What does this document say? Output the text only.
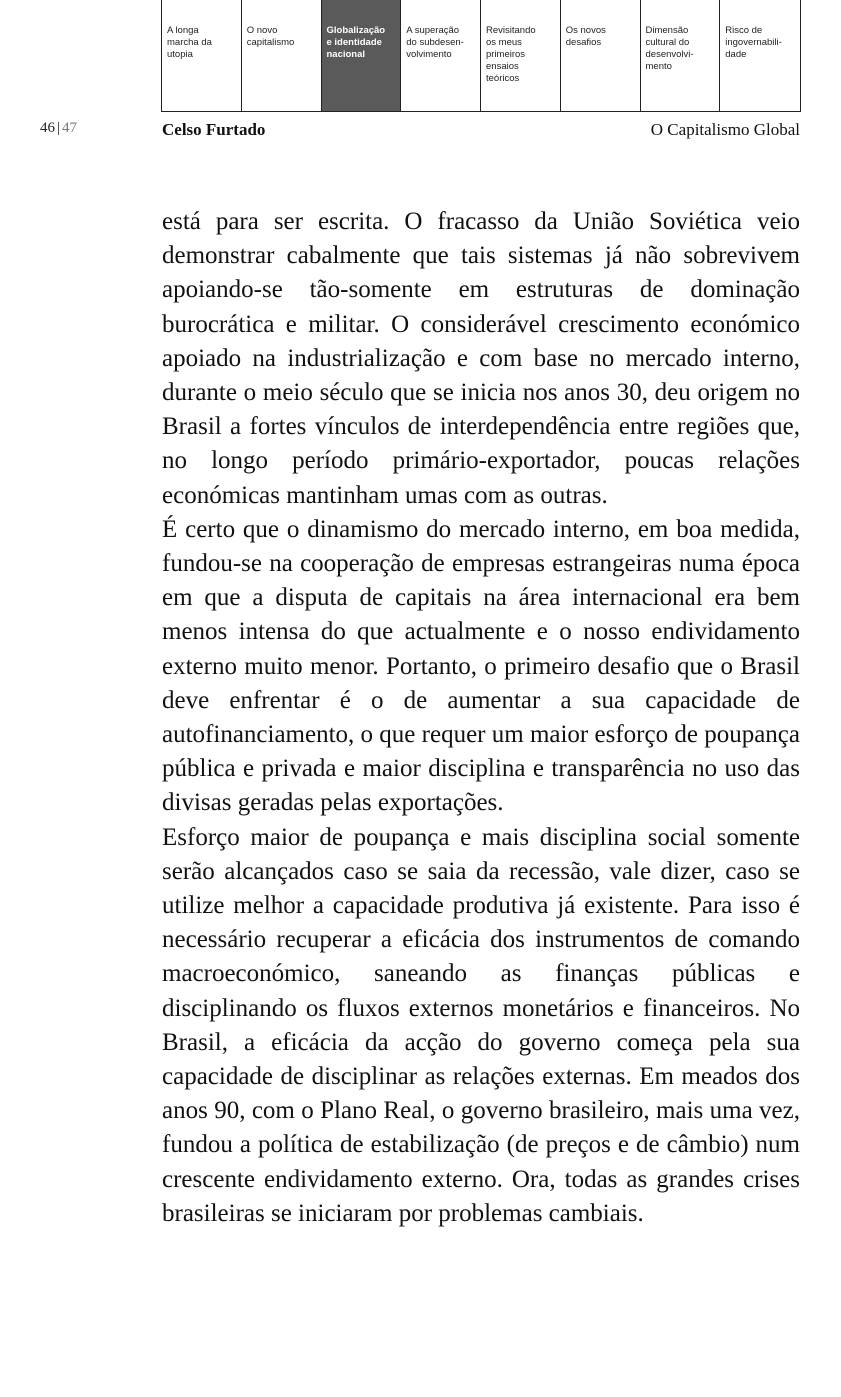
A longa
marcha da
utopia
O novo
capitalismo
Globalização
e identidade
nacional
A superação
do subdesen-
volvimento
Revisitando
os meus
primeiros
ensaios
teóricos
Os novos
desafios
Dimensão
cultural do
desenvolvi-
mento
Risco de
ingovernabili-
dade
46 | 47	Celso Furtado	O Capitalismo Global

está para ser escrita. O fracasso da União Soviética veio demonstrar cabalmente que tais sistemas já não sobrevivem apoiando-se tão-somente em estruturas de dominação burocrática e militar. O considerável crescimento económico apoiado na industrialização e com base no mercado interno, durante o meio século que se inicia nos anos 30, deu origem no Brasil a fortes vínculos de interdependência entre regiões que, no longo período primário-exportador, poucas relações económicas mantinham umas com as outras.

É certo que o dinamismo do mercado interno, em boa medida, fundou-se na cooperação de empresas estrangeiras numa época em que a disputa de capitais na área internacional era bem menos intensa do que actualmente e o nosso endividamento externo muito menor. Portanto, o primeiro desafio que o Brasil deve enfrentar é o de aumentar a sua capacidade de autofinanciamento, o que requer um maior esforço de poupança pública e privada e maior disciplina e transparência no uso das divisas geradas pelas exportações.

Esforço maior de poupança e mais disciplina social somente serão alcançados caso se saia da recessão, vale dizer, caso se utilize melhor a capacidade produtiva já existente. Para isso é necessário recuperar a eficácia dos instrumentos de comando macroeconómico, saneando as finanças públicas e disciplinando os fluxos externos monetários e financeiros. No Brasil, a eficácia da acção do governo começa pela sua capacidade de disciplinar as relações externas. Em meados dos anos 90, com o Plano Real, o governo brasileiro, mais uma vez, fundou a política de estabilização (de preços e de câmbio) num crescente endividamento externo. Ora, todas as grandes crises brasileiras se iniciaram por problemas cambiais.
